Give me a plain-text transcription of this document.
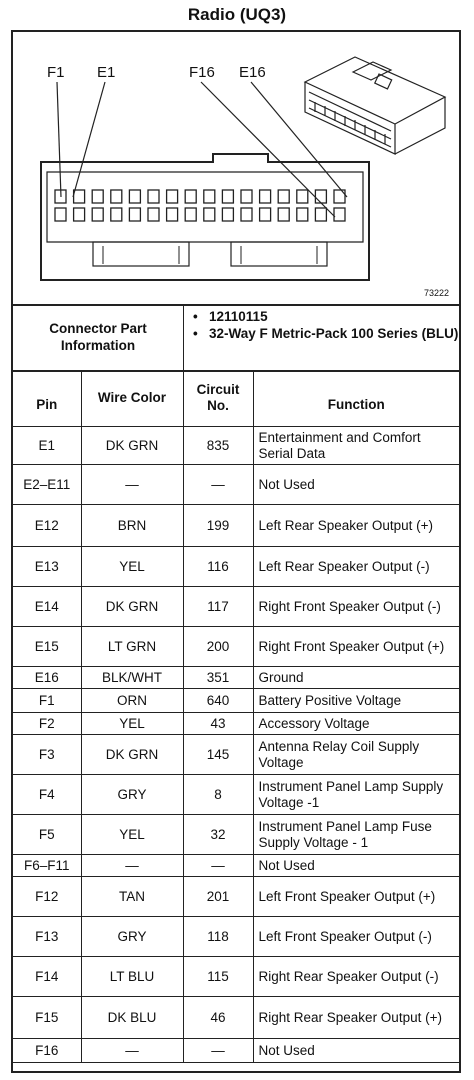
Radio (UQ3)
F1 E1	F16 E16
73222
Connector Part Information
• 12110115
• 32-Way F Metric-Pack 100 Series (BLU)
Pin	Wire Color	Circuit No.	Function
E1	DK GRN	835	Entertainment and Comfort Serial Data
E2–E11	—	—	Not Used
E12	BRN	199	Left Rear Speaker Output (+)
E13	YEL	116	Left Rear Speaker Output (-)
E14	DK GRN	117	Right Front Speaker Output (-)
E15	LT GRN	200	Right Front Speaker Output (+)
E16	BLK/WHT	351	Ground
F1	ORN	640	Battery Positive Voltage
F2	YEL	43	Accessory Voltage
F3	DK GRN	145	Antenna Relay Coil Supply Voltage
F4	GRY	8	Instrument Panel Lamp Supply Voltage -1
F5	YEL	32	Instrument Panel Lamp Fuse Supply Voltage - 1
F6–F11	—	—	Not Used
F12	TAN	201	Left Front Speaker Output (+)
F13	GRY	118	Left Front Speaker Output (-)
F14	LT BLU	115	Right Rear Speaker Output (-)
F15	DK BLU	46	Right Rear Speaker Output (+)
F16	—	—	Not Used
